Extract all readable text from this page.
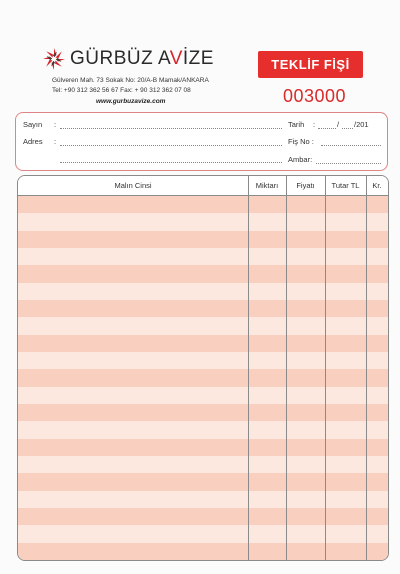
GÜRBÜZ AVİZE
Gülveren Mah. 73 Sokak No: 20/A-B Mamak/ANKARA
Tel: +90 312 362 56 67 Fax: + 90 312 362 07 08
www.gurbuzavize.com
TEKLİF FİŞİ
003000
Sayın :
Adres :
Tarih :	/ /201
Fiş No :
Ambar:
Malın Cinsi	Miktarı	Fiyatı	Tutar TL	Kr.
